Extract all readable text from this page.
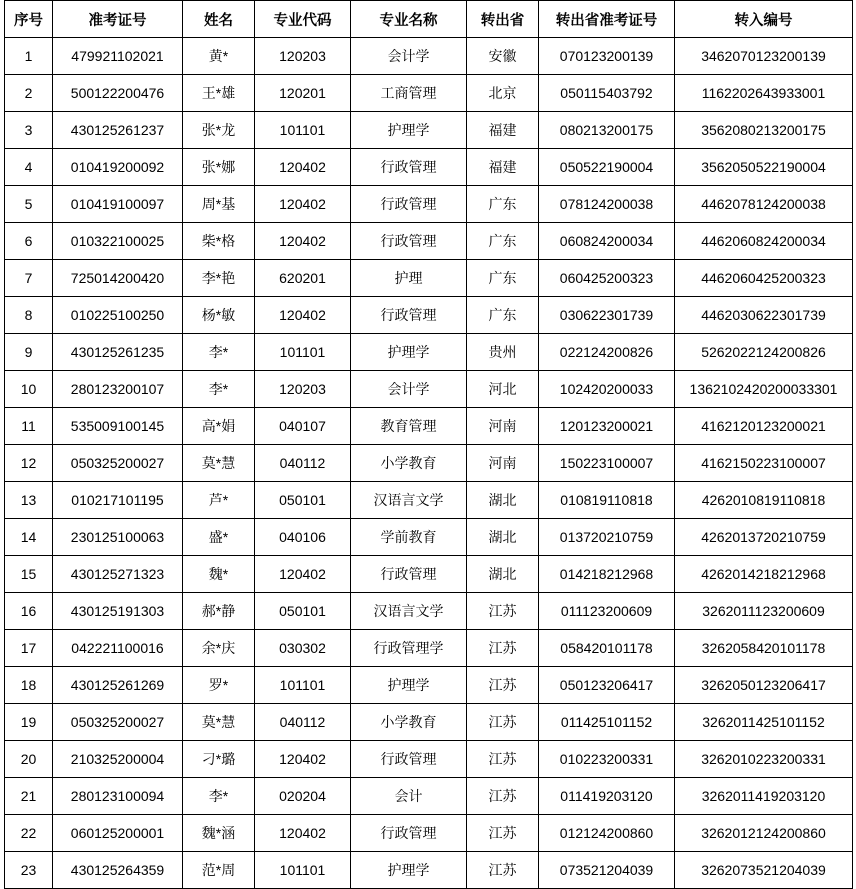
序号	准考证号	姓名	专业代码	专业名称	转出省	转出省准考证号	转入编号
1	479921102021	黄*	120203	会计学	安徽	070123200139	3462070123200139
2	500122200476	王*雄	120201	工商管理	北京	050115403792	1162202643933001
3	430125261237	张*龙	101101	护理学	福建	080213200175	3562080213200175
4	010419200092	张*娜	120402	行政管理	福建	050522190004	3562050522190004
5	010419100097	周*基	120402	行政管理	广东	078124200038	4462078124200038
6	010322100025	柴*格	120402	行政管理	广东	060824200034	4462060824200034
7	725014200420	李*艳	620201	护理	广东	060425200323	4462060425200323
8	010225100250	杨*敏	120402	行政管理	广东	030622301739	4462030622301739
9	430125261235	李*	101101	护理学	贵州	022124200826	5262022124200826
10	280123200107	李*	120203	会计学	河北	102420200033	1362102420200033301
11	535009100145	高*娟	040107	教育管理	河南	120123200021	4162120123200021
12	050325200027	莫*慧	040112	小学教育	河南	150223100007	4162150223100007
13	010217101195	芦*	050101	汉语言文学	湖北	010819110818	4262010819110818
14	230125100063	盛*	040106	学前教育	湖北	013720210759	4262013720210759
15	430125271323	魏*	120402	行政管理	湖北	014218212968	4262014218212968
16	430125191303	郝*静	050101	汉语言文学	江苏	011123200609	3262011123200609
17	042221100016	余*庆	030302	行政管理学	江苏	058420101178	3262058420101178
18	430125261269	罗*	101101	护理学	江苏	050123206417	3262050123206417
19	050325200027	莫*慧	040112	小学教育	江苏	011425101152	3262011425101152
20	210325200004	刁*璐	120402	行政管理	江苏	010223200331	3262010223200331
21	280123100094	李*	020204	会计	江苏	011419203120	3262011419203120
22	060125200001	魏*涵	120402	行政管理	江苏	012124200860	3262012124200860
23	430125264359	范*周	101101	护理学	江苏	073521204039	3262073521204039
